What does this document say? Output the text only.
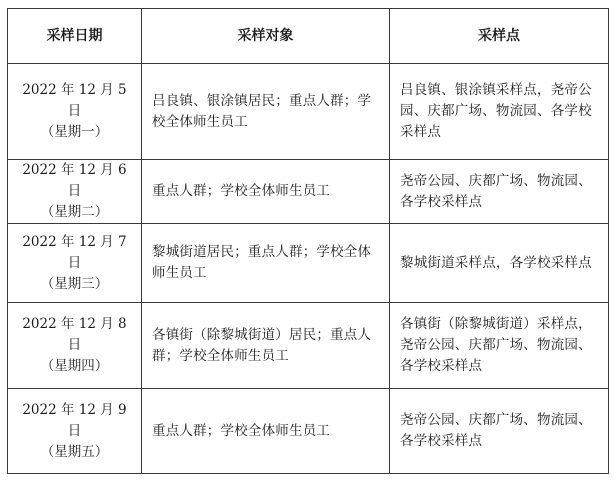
采样日期	采样对象	采样点

2022 年 12 月 5 日
（星期一）	吕良镇、银涂镇居民；重点人群；学校全体师生员工	吕良镇、银涂镇采样点，尧帝公园、庆都广场、物流园、各学校采样点

2022 年 12 月 6 日
（星期二）	重点人群；学校全体师生员工	尧帝公园、庆都广场、物流园、各学校采样点

2022 年 12 月 7 日
（星期三）	黎城街道居民；重点人群；学校全体师生员工	黎城街道采样点，各学校采样点

2022 年 12 月 8 日
（星期四）	各镇街（除黎城街道）居民；重点人群；学校全体师生员工	各镇街（除黎城街道）采样点，尧帝公园、庆都广场、物流园、各学校采样点

2022 年 12 月 9 日
（星期五）	重点人群；学校全体师生员工	尧帝公园、庆都广场、物流园、各学校采样点
